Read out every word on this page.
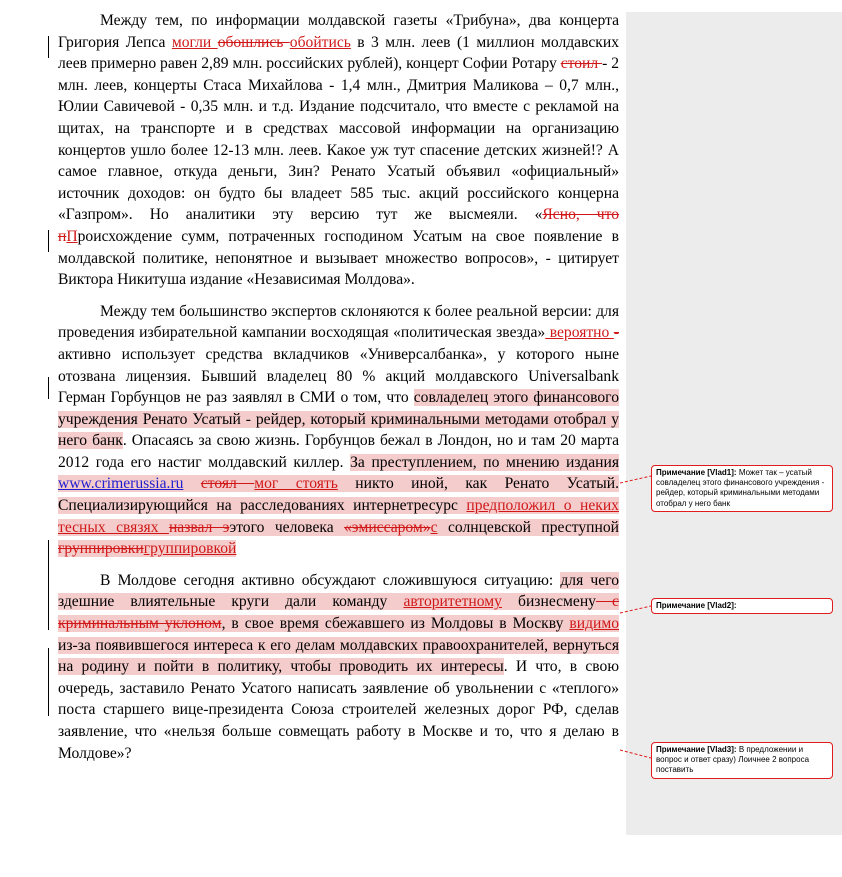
Между тем, по информации молдавской газеты «Трибуна», два концерта Григория Лепса могли обошлись обойтись в 3 млн. леев (1 миллион молдавских леев примерно равен 2,89 млн. российских рублей), концерт Софии Ротару стоил - 2 млн. леев, концерты Стаса Михайлова - 1,4 млн., Дмитрия Маликова – 0,7 млн., Юлии Савичевой - 0,35 млн. и т.д. Издание подсчитало, что вместе с рекламой на щитах, на транспорте и в средствах массовой информации на организацию концертов ушло более 12-13 млн. леев. Какое уж тут спасение детских жизней!? А самое главное, откуда деньги, Зин? Ренато Усатый объявил «официальный» источник доходов: он будто бы владеет 585 тыс. акций российского концерна «Газпром». Но аналитики эту версию тут же высмеяли. «Ясно, что пПроисхождение сумм, потраченных господином Усатым на свое появление в молдавской политике, непонятное и вызывает множество вопросов», - цитирует Виктора Никитуша издание «Независимая Молдова».

Между тем большинство экспертов склоняются к более реальной версии: для проведения избирательной кампании восходящая «политическая звезда» вероятно - активно использует средства вкладчиков «Универсалбанка», у которого ныне отозвана лицензия. Бывший владелец 80 % акций молдавского Universalbank Герман Горбунцов не раз заявлял в СМИ о том, что совладелец этого финансового учреждения Ренато Усатый - рейдер, который криминальными методами отобрал у него банк. Опасаясь за свою жизнь. Горбунцов бежал в Лондон, но и там 20 марта 2012 года его настиг молдавский киллер. За преступлением, по мнению издания www.crimerussia.ru стоял мог стоять никто иной, как Ренато Усатый. Специализирующийся на расследованиях интернетресурс предположил о неких тесных связях назвал ээтого человека «эмиссаром»с солнцевской преступной группировкигруппировкой

В Молдове сегодня активно обсуждают сложившуюся ситуацию: для чего здешние влиятельные круги дали команду авторитетному бизнесмену с криминальным уклоном, в свое время сбежавшего из Молдовы в Москву видимо из-за появившегося интереса к его делам молдавских правоохранителей, вернуться на родину и пойти в политику, чтобы проводить их интересы. И что, в свою очередь, заставило Ренато Усатого написать заявление об увольнении с «теплого» поста старшего вице-президента Союза строителей железных дорог РФ, сделав заявление, что «нельзя больше совмещать работу в Москве и то, что я делаю в Молдове»?

Примечание [Vlad1]: Может так – усатый совладелец этого финансового учреждения - рейдер, который криминальными методами отобрал у него банк
Примечание [Vlad2]:
Примечание [Vlad3]: В предложении и вопрос и ответ сразу) Лоичнее 2 вопроса поставить
